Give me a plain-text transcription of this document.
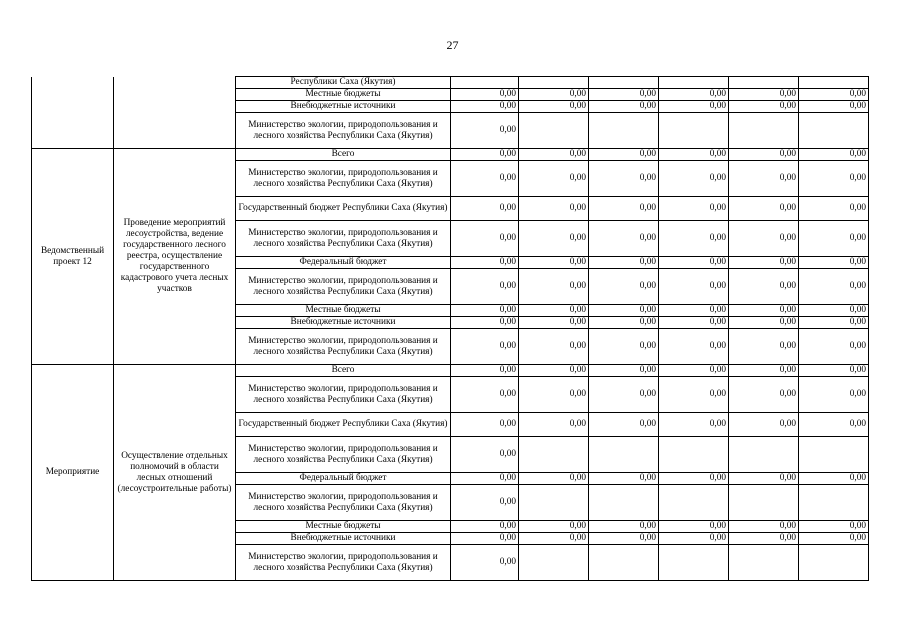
27
		Республики Саха (Якутия)						
		Местные бюджеты	0,00	0,00	0,00	0,00	0,00	0,00
		Внебюджетные источники	0,00	0,00	0,00	0,00	0,00	0,00
		Министерство экологии, природопользования и лесного хозяйства Республики Саха (Якутия)	0,00					
Ведомственный проект 12	Проведение мероприятий лесоустройства, ведение государственного лесного реестра, осуществление государственного кадастрового учета лесных участков	Всего	0,00	0,00	0,00	0,00	0,00	0,00
		Министерство экологии, природопользования и лесного хозяйства Республики Саха (Якутия)	0,00	0,00	0,00	0,00	0,00	0,00
		Государственный бюджет Республики Саха (Якутия)	0,00	0,00	0,00	0,00	0,00	0,00
		Министерство экологии, природопользования и лесного хозяйства Республики Саха (Якутия)	0,00	0,00	0,00	0,00	0,00	0,00
		Федеральный бюджет	0,00	0,00	0,00	0,00	0,00	0,00
		Министерство экологии, природопользования и лесного хозяйства Республики Саха (Якутия)	0,00	0,00	0,00	0,00	0,00	0,00
		Местные бюджеты	0,00	0,00	0,00	0,00	0,00	0,00
		Внебюджетные источники	0,00	0,00	0,00	0,00	0,00	0,00
		Министерство экологии, природопользования и лесного хозяйства Республики Саха (Якутия)	0,00	0,00	0,00	0,00	0,00	0,00
Мероприятие	Осуществление отдельных полномочий в области лесных отношений (лесоустроительные работы)	Всего	0,00	0,00	0,00	0,00	0,00	0,00
		Министерство экологии, природопользования и лесного хозяйства Республики Саха (Якутия)	0,00	0,00	0,00	0,00	0,00	0,00
		Государственный бюджет Республики Саха (Якутия)	0,00	0,00	0,00	0,00	0,00	0,00
		Министерство экологии, природопользования и лесного хозяйства Республики Саха (Якутия)	0,00					
		Федеральный бюджет	0,00	0,00	0,00	0,00	0,00	0,00
		Министерство экологии, природопользования и лесного хозяйства Республики Саха (Якутия)	0,00					
		Местные бюджеты	0,00	0,00	0,00	0,00	0,00	0,00
		Внебюджетные источники	0,00	0,00	0,00	0,00	0,00	0,00
		Министерство экологии, природопользования и лесного хозяйства Республики Саха (Якутия)	0,00					
